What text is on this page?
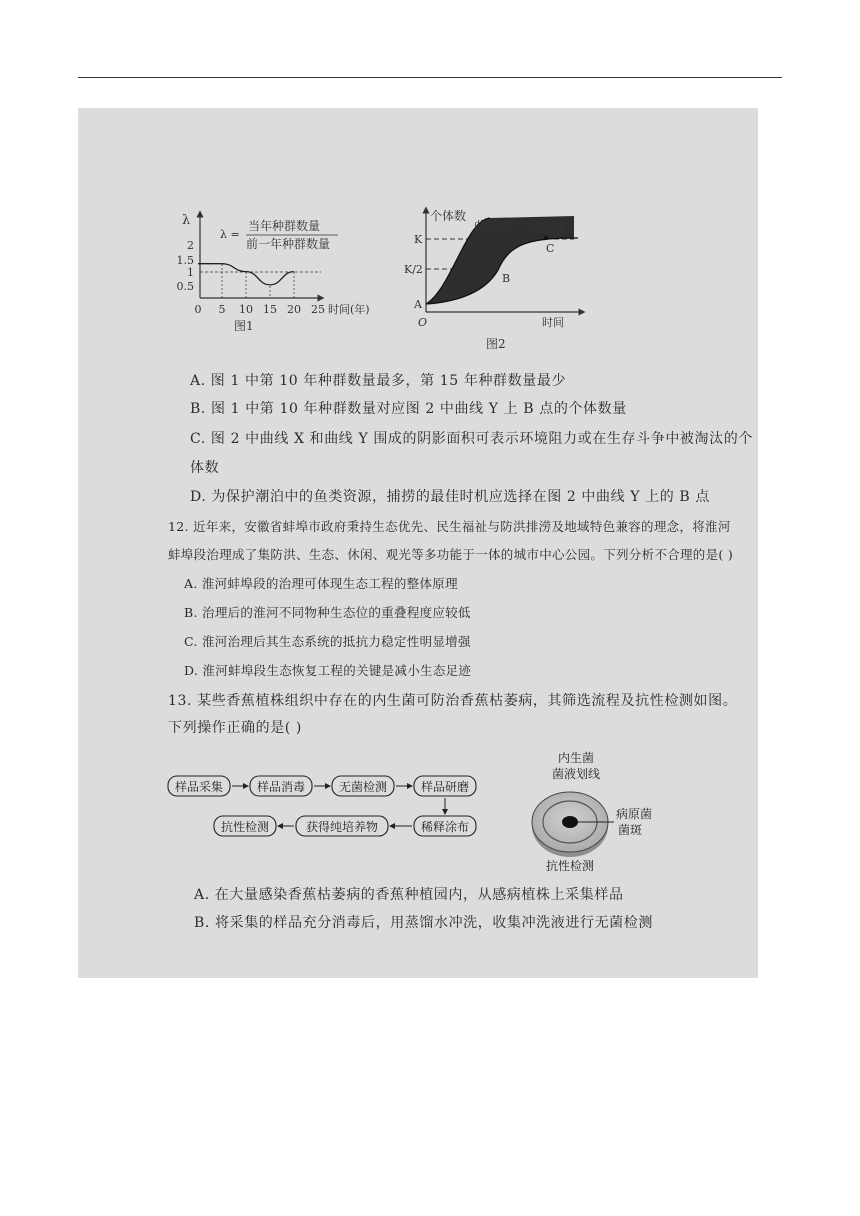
λ
λ =
当年种群数量
前一年种群数量
2
1.5
1
0.5
0 5 10 15 20 25 时间(年)
图1
个体数
曲线X 曲线Y
K
K/2
A
B
C
O	时间
图2
A. 图 1 中第 10 年种群数量最多，第 15 年种群数量最少
B. 图 1 中第 10 年种群数量对应图 2 中曲线 Y 上 B 点的个体数量
C. 图 2 中曲线 X 和曲线 Y 围成的阴影面积可表示环境阻力或在生存斗争中被淘汰的个
体数
D. 为保护潮泊中的鱼类资源，捕捞的最佳时机应选择在图 2 中曲线 Y 上的 B 点
12. 近年来，安徽省蚌埠市政府秉持生态优先、民生福祉与防洪排涝及地域特色兼容的理念，将淮河
蚌埠段治理成了集防洪、生态、休闲、观光等多功能于一体的城市中心公园。下列分析不合理的是( )
A. 淮河蚌埠段的治理可体现生态工程的整体原理
B. 治理后的淮河不同物种生态位的重叠程度应较低
C. 淮河治理后其生态系统的抵抗力稳定性明显增强
D. 淮河蚌埠段生态恢复工程的关键是减小生态足迹
13. 某些香蕉植株组织中存在的内生菌可防治香蕉枯萎病，其筛选流程及抗性检测如图。
下列操作正确的是( )
样品采集	样品消毒	无菌检测	样品研磨
稀释涂布
获得纯培养物
抗性检测
内生菌
菌液划线
病原菌
菌斑
抗性检测
A. 在大量感染香蕉枯萎病的香蕉种植园内，从感病植株上采集样品
B. 将采集的样品充分消毒后，用蒸馏水冲洗，收集冲洗液进行无菌检测
